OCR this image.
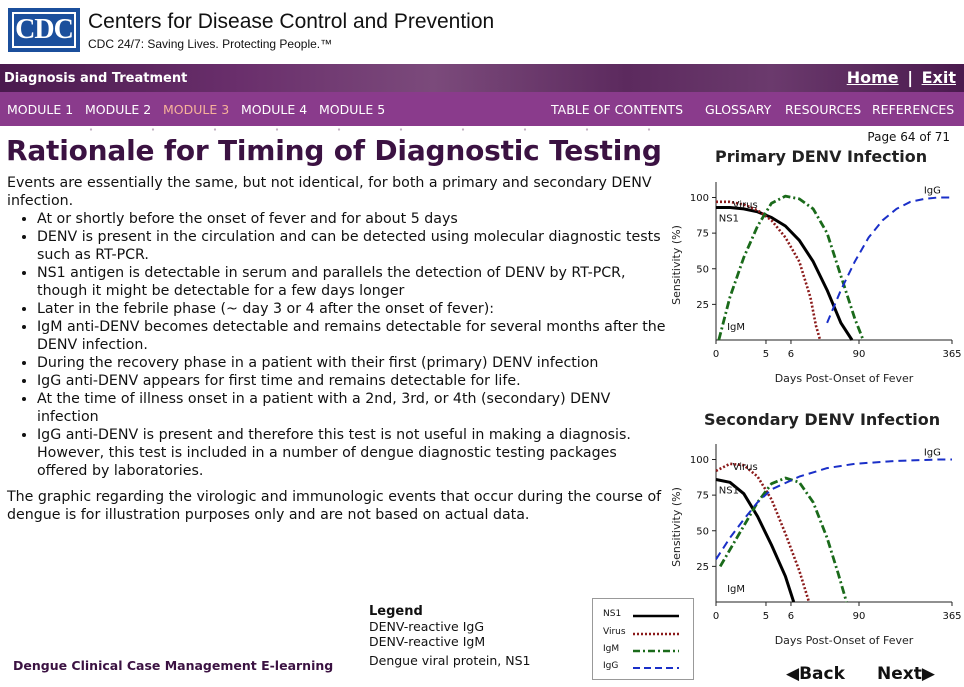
CDC Centers for Disease Control and Prevention
CDC 24/7: Saving Lives. Protecting People.™
Diagnosis and Treatment	Home | Exit
MODULE 1 MODULE 2 MODULE 3 MODULE 4 MODULE 5	TABLE OF CONTENTS GLOSSARY RESOURCES REFERENCES
Page 64 of 71
Rationale for Timing of Diagnostic Testing

Events are essentially the same, but not identical, for both a primary and secondary DENV infection.

• At or shortly before the onset of fever and for about 5 days
• DENV is present in the circulation and can be detected using molecular diagnostic tests such as RT-PCR.
• NS1 antigen is detectable in serum and parallels the detection of DENV by RT-PCR, though it might be detectable for a few days longer
• Later in the febrile phase (~ day 3 or 4 after the onset of fever):
• IgM anti-DENV becomes detectable and remains detectable for several months after the DENV infection.
• During the recovery phase in a patient with their first (primary) DENV infection
• IgG anti-DENV appears for first time and remains detectable for life.
• At the time of illness onset in a patient with a 2nd, 3rd, or 4th (secondary) DENV infection
• IgG anti-DENV is present and therefore this test is not useful in making a diagnosis. However, this test is included in a number of dengue diagnostic testing packages offered by laboratories.

The graphic regarding the virologic and immunologic events that occur during the course of dengue is for illustration purposes only and are not based on actual data.

Primary DENV Infection
100
75
50
25
0	5 6	90	365
Days Post-Onset of Fever
Sensitivity (%)
NS1
Virus
IgM
IgG
Secondary DENV Infection
100
75
50
25
0	5 6	90	365
Days Post-Onset of Fever
Sensitivity (%)	NS1
Virus
IgM
IgG
Legend
DENV-reactive IgG
DENV-reactive IgM
Dengue viral protein, NS1
NS1
Virus
IgM
IgG
Dengue Clinical Case Management E-learning	◀Back Next▶
